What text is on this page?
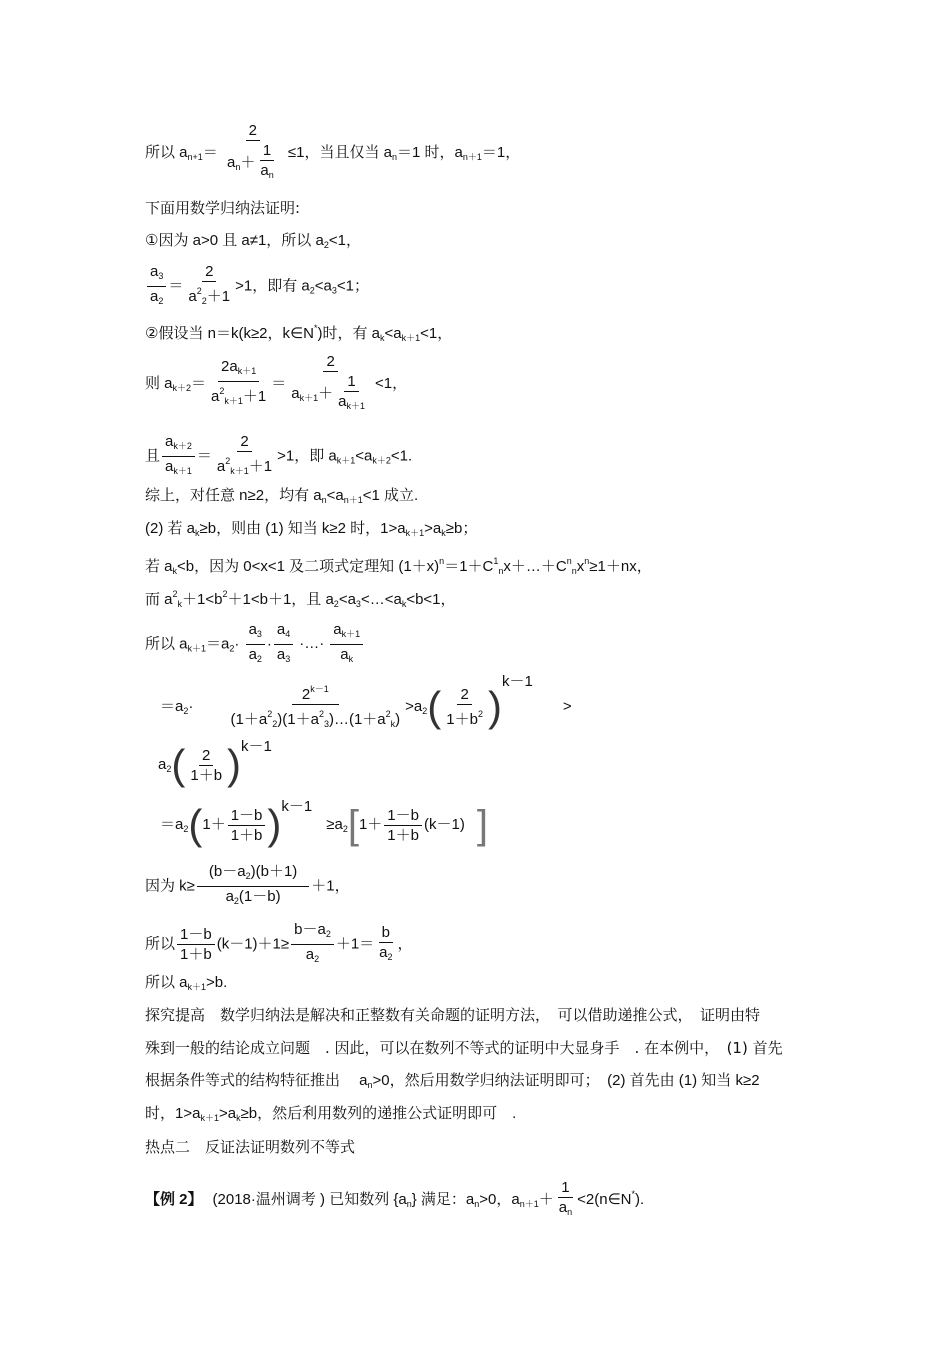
所以 $a_{n+1}= \frac{2}{a_n+ \frac{1}{a_n}} \le 1$，当且仅当 $a_n=1$ 时，$a_{n+1}=1$，
下面用数学归纳法证明:
①因为 a>0 且 a≠1，所以 $a_2<1$，
$\frac{a_3}{a_2} = \frac{2}{a^2_2+1} >1$，即有 $a_2<a_3<1$；
②假设当 n＝k(k≥2，k∈N*)时，有 $a_k<a_{k+1}<1$，
则 $a_{k+2}= \frac{2a_{k+1}}{a^2_{k+1}+1} = \frac{2}{a_{k+1}+ \frac{1}{a_{k+1}}} <1$，
且 $\frac{a_{k+2}}{a_{k+1}} = \frac{2}{a^2_{k+1}+1} >1$，即 $a_{k+1}<a_{k+2}<1$.
综上，对任意 n≥2，均有 $a_n<a_{n+1}<1$ 成立.
(2) 若 $a_k\ge b$，则由 (1) 知当 k≥2 时，$1>a_{k+1}>a_k\ge b$；
若 $a_k<b$，因为 0<x<1 及二项式定理知 $(1+x)^n=1+C^1_nx+\dots+C^n_nx^n\ge 1+nx$，
而 $a^2_k+1<b^2+1<b+1$，且 $a_2<a_3<\dots<a_k<b<1$，
所以 $a_{k+1}=a_2\cdot \frac{a_3}{a_2} \cdot \frac{a_4}{a_3}$ ·…· $\frac{a_{k+1}}{a_k}$
$=a_2\cdot \frac{2^{k-1}}{(1+a^2_2)(1+a^2_3)\dots(1+a^2_k)} >a_2( \frac{2}{1+b^2} )k-1>$
$a_2( \frac{2}{1+b} )k-1$
$=a_2(1+ \frac{1-b}{1+b} )k-1\ge a_2[1+ \frac{1-b}{1+b} (k-1)$ ]
因为 $k\ge \frac{(b-a_2)(b+1)}{a_2(1-b)} +1$，
所以 $\frac{1-b}{1+b} (k-1)+1\ge \frac{b-a_2}{a_2} +1= \frac{b}{a_2}$ ，
所以 $a_{k+1}>b$.
探究提高　数学归纳法是解决和正整数有关命题的证明方法，　可以借助递推公式，　证明由特
殊到一般的结论成立问题　. 因此，可以在数列不等式的证明中大显身手　. 在本例中，　(1) 首先
根据条件等式的结构特征推出　 $a_n>0$，然后用数学归纳法证明即可；　(2) 首先由 (1) 知当 k≥2
时，$1>a_{k+1}>a_k\ge b$，然后利用数列的递推公式证明即可　.
热点二　反证法证明数列不等式
【例 2】 (2018·温州调考 ) 已知数列 $\{a_n\}$ 满足：$a_n>0$，$a_{n+1}+ \frac{1}{a_n}$ <2(n∈N*).
